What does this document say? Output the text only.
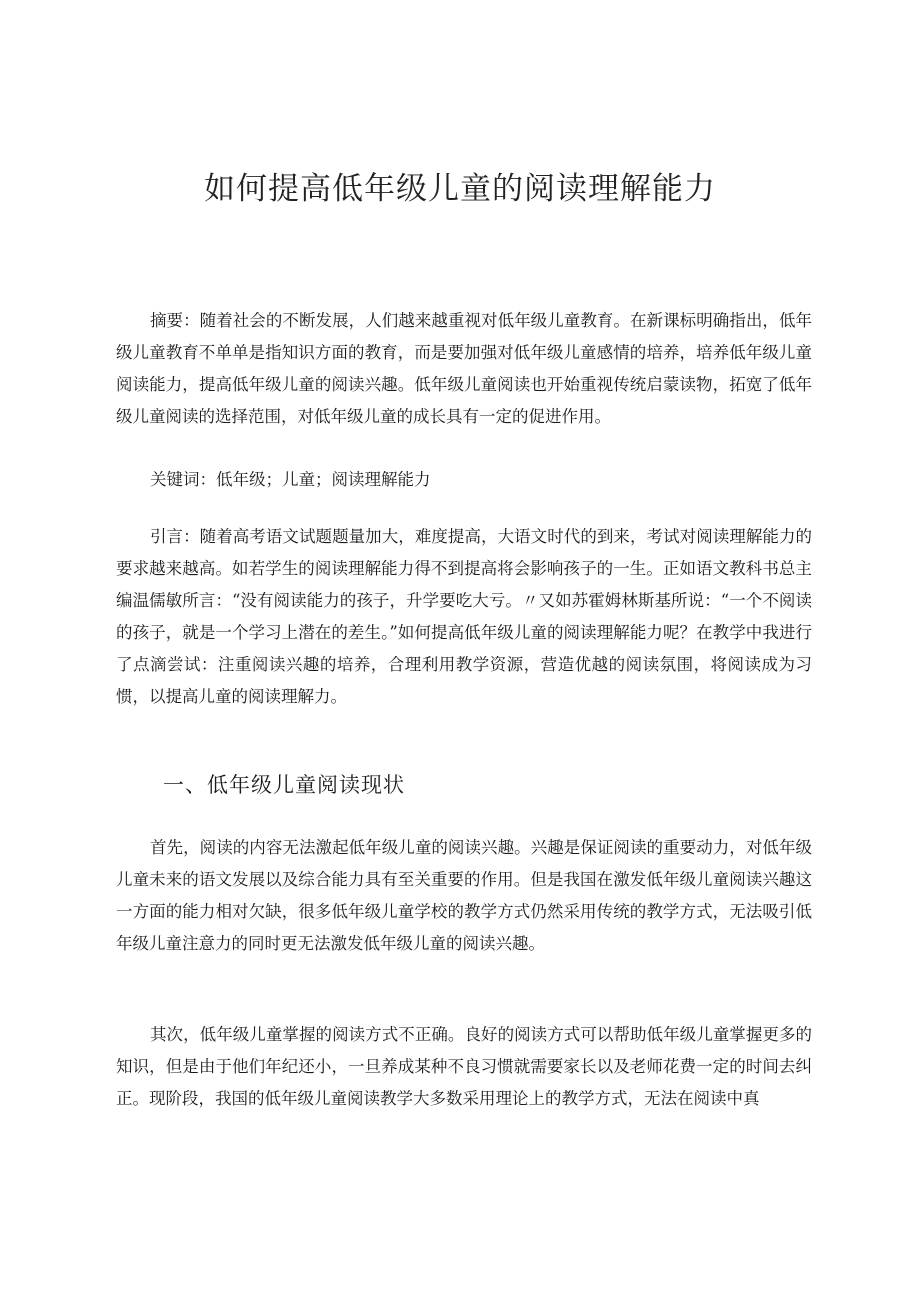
如何提高低年级儿童的阅读理解能力

摘要：随着社会的不断发展，人们越来越重视对低年级儿童教育。在新课标明确指出，低年级儿童教育不单单是指知识方面的教育，而是要加强对低年级儿童感情的培养，培养低年级儿童阅读能力，提高低年级儿童的阅读兴趣。低年级儿童阅读也开始重视传统启蒙读物，拓宽了低年级儿童阅读的选择范围，对低年级儿童的成长具有一定的促进作用。

关键词：低年级；儿童；阅读理解能力

引言：随着高考语文试题题量加大，难度提高，大语文时代的到来，考试对阅读理解能力的要求越来越高。如若学生的阅读理解能力得不到提高将会影响孩子的一生。正如语文教科书总主编温儒敏所言：“没有阅读能力的孩子，升学要吃大亏。〃又如苏霍姆林斯基所说：“一个不阅读的孩子，就是一个学习上潜在的差生。”如何提高低年级儿童的阅读理解能力呢？在教学中我进行了点滴尝试：注重阅读兴趣的培养，合理利用教学资源，营造优越的阅读氛围，将阅读成为习惯，以提高儿童的阅读理解力。

一、低年级儿童阅读现状

首先，阅读的内容无法激起低年级儿童的阅读兴趣。兴趣是保证阅读的重要动力，对低年级儿童未来的语文发展以及综合能力具有至关重要的作用。但是我国在激发低年级儿童阅读兴趣这一方面的能力相对欠缺，很多低年级儿童学校的教学方式仍然采用传统的教学方式，无法吸引低年级儿童注意力的同时更无法激发低年级儿童的阅读兴趣。

其次，低年级儿童掌握的阅读方式不正确。良好的阅读方式可以帮助低年级儿童掌握更多的知识，但是由于他们年纪还小，一旦养成某种不良习惯就需要家长以及老师花费一定的时间去纠正。现阶段，我国的低年级儿童阅读教学大多数采用理论上的教学方式，无法在阅读中真
